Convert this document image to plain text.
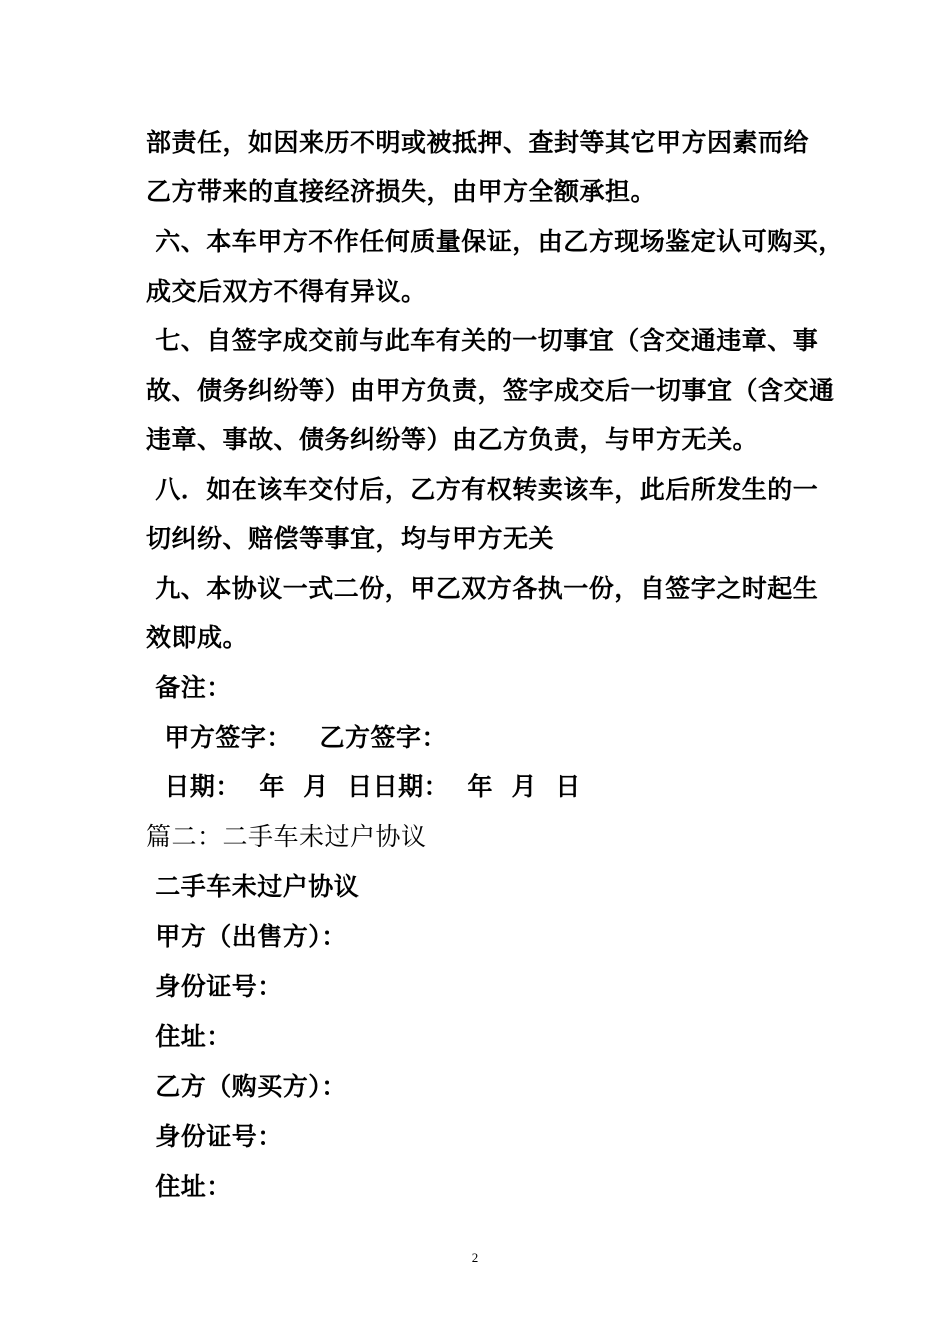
部责任，如因来历不明或被抵押、查封等其它甲方因素而给
乙方带来的直接经济损失，由甲方全额承担。
六、本车甲方不作任何质量保证，由乙方现场鉴定认可购买，
成交后双方不得有异议。
七、自签字成交前与此车有关的一切事宜（含交通违章、事
故、债务纠纷等）由甲方负责，签字成交后一切事宜（含交通
违章、事故、债务纠纷等）由乙方负责，与甲方无关。
八．如在该车交付后，乙方有权转卖该车，此后所发生的一
切纠纷、赔偿等事宜，均与甲方无关
九、本协议一式二份，甲乙双方各执一份，自签字之时起生
效即成。
备注：
甲方签字：   乙方签字：
日期：  年  月  日日期：  年  月  日
篇二：二手车未过户协议
二手车未过户协议
甲方（出售方）：
身份证号：
住址：
乙方（购买方）：
身份证号：
住址：
2
